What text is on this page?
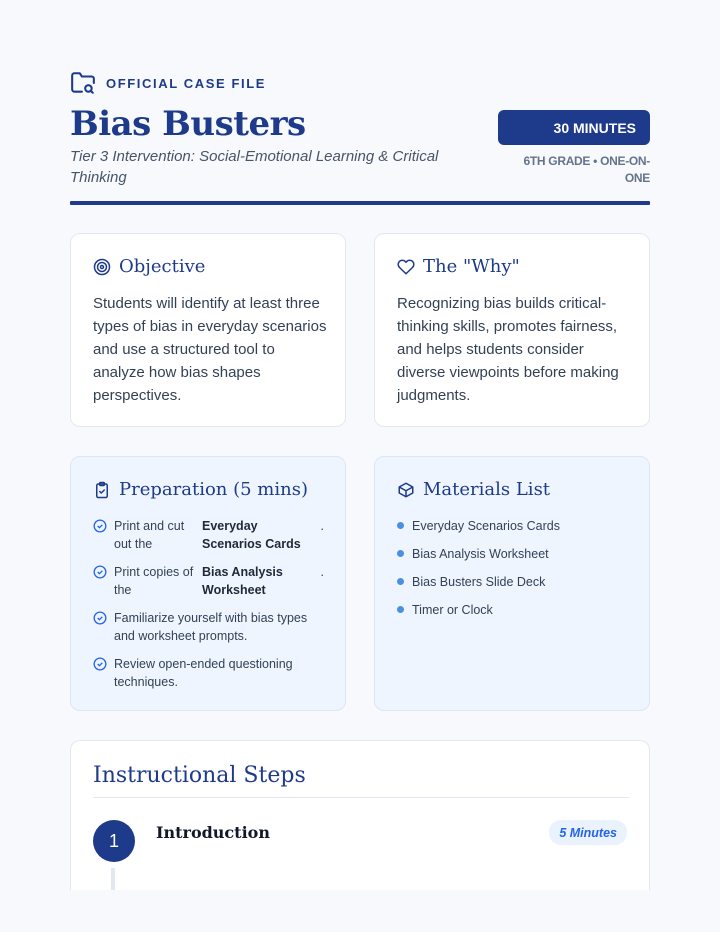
OFFICIAL CASE FILE
Bias Busters
Tier 3 Intervention: Social-Emotional Learning & Critical Thinking
30 MINUTES
6TH GRADE • ONE-ON-ONE
Objective
Students will identify at least three types of bias in everyday scenarios and use a structured tool to analyze how bias shapes perspectives.
The "Why"
Recognizing bias builds critical-thinking skills, promotes fairness, and helps students consider diverse viewpoints before making judgments.
Preparation (5 mins)
Print and cut out the
Everyday Scenarios Cards
.
Print copies of the
Bias Analysis Worksheet
.
Familiarize yourself with bias types and worksheet prompts.
Review open-ended questioning techniques.
Materials List
Everyday Scenarios Cards
Bias Analysis Worksheet
Bias Busters Slide Deck
Timer or Clock
Instructional Steps
1	Introduction	5 Minutes
